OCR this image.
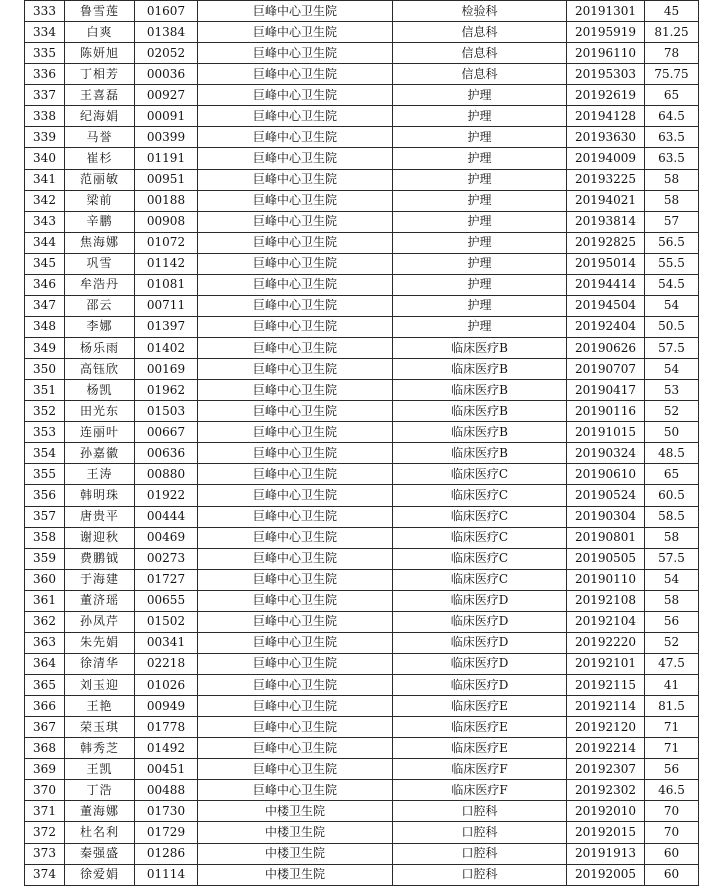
333	鲁雪莲	01607	巨峰中心卫生院	检验科	20191301	45
334	白爽	01384	巨峰中心卫生院	信息科	20195919	81.25
335	陈妍旭	02052	巨峰中心卫生院	信息科	20196110	78
336	丁相芳	00036	巨峰中心卫生院	信息科	20195303	75.75
337	王喜磊	00927	巨峰中心卫生院	护理	20192619	65
338	纪海娟	00091	巨峰中心卫生院	护理	20194128	64.5
339	马誉	00399	巨峰中心卫生院	护理	20193630	63.5
340	崔杉	01191	巨峰中心卫生院	护理	20194009	63.5
341	范丽敏	00951	巨峰中心卫生院	护理	20193225	58
342	梁前	00188	巨峰中心卫生院	护理	20194021	58
343	辛鹏	00908	巨峰中心卫生院	护理	20193814	57
344	焦海娜	01072	巨峰中心卫生院	护理	20192825	56.5
345	巩雪	01142	巨峰中心卫生院	护理	20195014	55.5
346	牟浩丹	01081	巨峰中心卫生院	护理	20194414	54.5
347	邵云	00711	巨峰中心卫生院	护理	20194504	54
348	李娜	01397	巨峰中心卫生院	护理	20192404	50.5
349	杨乐雨	01402	巨峰中心卫生院	临床医疗B	20190626	57.5
350	高钰欣	00169	巨峰中心卫生院	临床医疗B	20190707	54
351	杨凯	01962	巨峰中心卫生院	临床医疗B	20190417	53
352	田光东	01503	巨峰中心卫生院	临床医疗B	20190116	52
353	连丽叶	00667	巨峰中心卫生院	临床医疗B	20191015	50
354	孙嘉徽	00636	巨峰中心卫生院	临床医疗B	20190324	48.5
355	王涛	00880	巨峰中心卫生院	临床医疗C	20190610	65
356	韩明珠	01922	巨峰中心卫生院	临床医疗C	20190524	60.5
357	唐贵平	00444	巨峰中心卫生院	临床医疗C	20190304	58.5
358	谢迎秋	00469	巨峰中心卫生院	临床医疗C	20190801	58
359	费鹏钺	00273	巨峰中心卫生院	临床医疗C	20190505	57.5
360	于海建	01727	巨峰中心卫生院	临床医疗C	20190110	54
361	董济瑶	00655	巨峰中心卫生院	临床医疗D	20192108	58
362	孙凤芹	01502	巨峰中心卫生院	临床医疗D	20192104	56
363	朱先娟	00341	巨峰中心卫生院	临床医疗D	20192220	52
364	徐清华	02218	巨峰中心卫生院	临床医疗D	20192101	47.5
365	刘玉迎	01026	巨峰中心卫生院	临床医疗D	20192115	41
366	王艳	00949	巨峰中心卫生院	临床医疗E	20192114	81.5
367	荣玉琪	01778	巨峰中心卫生院	临床医疗E	20192120	71
368	韩秀芝	01492	巨峰中心卫生院	临床医疗E	20192214	71
369	王凯	00451	巨峰中心卫生院	临床医疗F	20192307	56
370	丁浩	00488	巨峰中心卫生院	临床医疗F	20192302	46.5
371	董海娜	01730	中楼卫生院	口腔科	20192010	70
372	杜名利	01729	中楼卫生院	口腔科	20192015	70
373	秦强盛	01286	中楼卫生院	口腔科	20191913	60
374	徐爱娟	01114	中楼卫生院	口腔科	20192005	60
